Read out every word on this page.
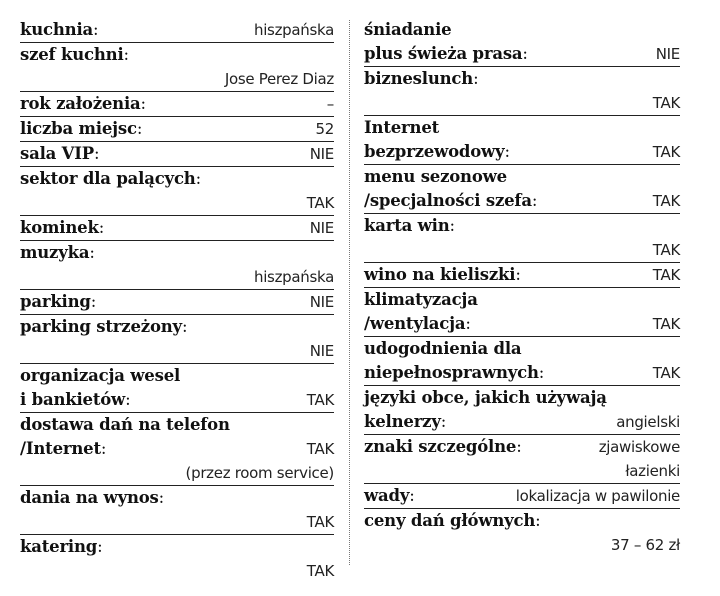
kuchnia:	hiszpańska
szef kuchni:
Jose Perez Diaz
rok założenia:	–
liczba miejsc:	52
sala VIP:	NIE
sektor dla palących:
TAK
kominek:	NIE
muzyka:
hiszpańska
parking:	NIE
parking strzeżony:
NIE
organizacja wesel
i bankietów:	TAK
dostawa dań na telefon
/Internet:	TAK
(przez room service)
dania na wynos:
TAK
katering:
TAK
śniadanie
plus świeża prasa:	NIE
bizneslunch:
TAK
Internet
bezprzewodowy:	TAK
menu sezonowe
/specjalności szefa:	TAK
karta win:
TAK
wino na kieliszki:	TAK
klimatyzacja
/wentylacja:	TAK
udogodnienia dla
niepełnosprawnych:	TAK
języki obce, jakich używają
kelnerzy:	angielski
znaki szczególne:	zjawiskowe
łazienki
wady:	lokalizacja w pawilonie
ceny dań głównych:
37 – 62 zł
